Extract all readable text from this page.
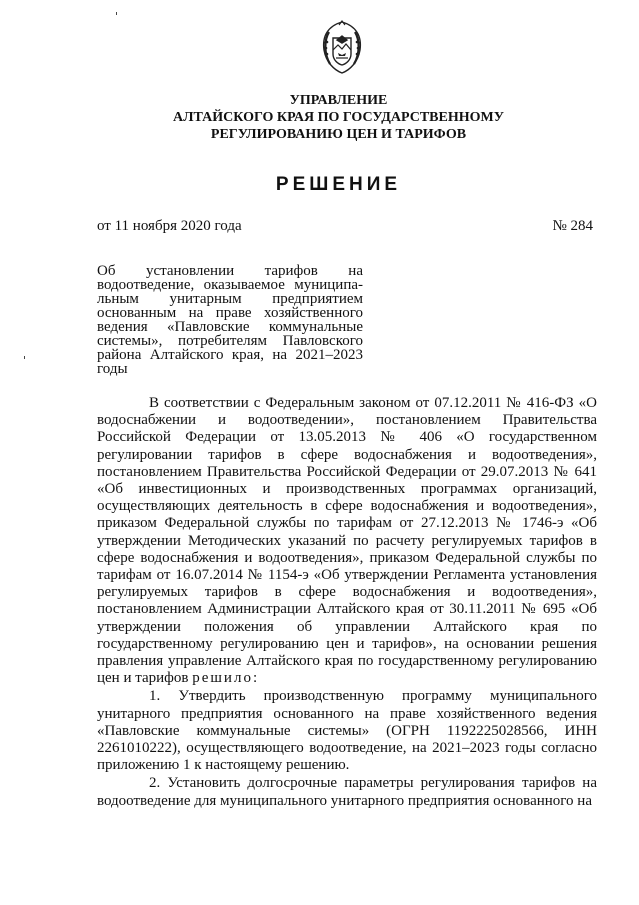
УПРАВЛЕНИЕ
АЛТАЙСКОГО КРАЯ ПО ГОСУДАРСТВЕННОМУ
РЕГУЛИРОВАНИЮ ЦЕН И ТАРИФОВ
РЕШЕНИЕ
от 11 ноября 2020 года	№ 284
Об установлении тарифов на
водоотведение, оказываемое муниципа-
льным унитарным предприятием
основанным на праве хозяйственного
ведения «Павловские коммунальные
системы», потребителям Павловского
района Алтайского края, на 2021–2023
годы

В соответствии с Федеральным законом от 07.12.2011 № 416-ФЗ «О водоснабжении и водоотведении», постановлением Правительства Российской Федерации от 13.05.2013 № 406 «О государственном регулировании тарифов в сфере водоснабжения и водоотведения», постановлением Правительства Российской Федерации от 29.07.2013 № 641 «Об инвестиционных и производственных программах организаций, осуществляющих деятельность в сфере водоснабжения и водоотведения», приказом Федеральной службы по тарифам от 27.12.2013 № 1746-э «Об утверждении Методических указаний по расчету регулируемых тарифов в сфере водоснабжения и водоотведения», приказом Федеральной службы по тарифам от 16.07.2014 № 1154-э «Об утверждении Регламента установления регулируемых тарифов в сфере водоснабжения и водоотведения», постановлением Администрации Алтайского края от 30.11.2011 № 695 «Об утверждении положения об управлении Алтайского края по государственному регулированию цен и тарифов», на основании решения правления управление Алтайского края по государственному регулированию цен и тарифов решило:

1. Утвердить производственную программу муниципального унитарного предприятия основанного на праве хозяйственного ведения «Павловские коммунальные системы» (ОГРН 1192225028566, ИНН 2261010222), осуществляющего водоотведение, на 2021–2023 годы согласно приложению 1 к настоящему решению.

2. Установить долгосрочные параметры регулирования тарифов на водоотведение для муниципального унитарного предприятия основанного на
